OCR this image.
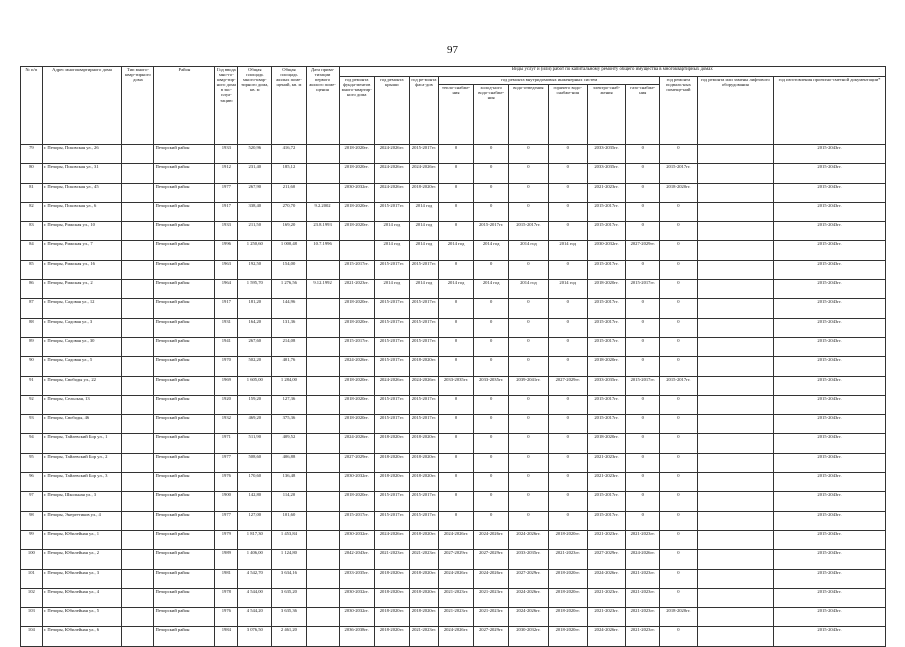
97
№ п/п	Адрес многоквартирного дома	Тип много-квар-тирного дома	Район	Год ввода мно-го-квар-тир-ного дома в экс-плуа-тацию	Общая площадь много-квар-тирного дома, кв. м	Общая площадь жилых поме-щений, кв. м	Дата прива-тизации первого жилого поме-щения	Виды услуг и (или) работ по капитальному ремонту общего имущества в многоквартирных домах											
								год ремонта фунда-ментов много-квартир-ного дома	год ремонта крыши	год ре-монта фаса-дов	год ремонта внутридомовых инженерных систем						год ремонта подваль-ных помеще-ний	год ремонта или замены лифтового оборудования	год изготовления проектно-сметной документации*
											тепло-снабже-ния	холод-ного водо-снабже-ния	водо-отведения	горячего водо-снабже-ния	электро-снаб-жения	газо-снабже-ния			
79	г. Печоры, Псковская ул., 26		Печорский район	1933	520,96	416,72		2018-2020гг.	2024-2026гг.	2015-2017гг.	0	0	0	0	2033-2035гг.	0	0		2015-2043гг.
80	г. Печоры, Псковская ул., 31		Печорский район	1912	231,40	185,12		2018-2020гг.	2024-2026гг.	2024-2026гг.	0	0	0	0	2033-2035гг.	0	2015-2017гг.		2015-2043гг.
81	г. Печоры, Псковская ул., 45		Печорский район	1977	267,90	211,60		2030-2032гг.	2024-2026гг.	2018-2020гг.	0	0	0	0	2021-2023гг.	0	2018-2020гг.		2015-2043гг.
82	г. Печоры, Псковская ул., 6		Печорский район	1917	338,40	270,70	9.2.2002	2018-2020гг.	2015-2017гг.	2014 год	0	0	0	0	2015-2017гг.	0	0		2015-2043гг.
83	г. Печоры, Рижская ул., 10		Печорский район	1933	211,50	169,20	23.8.1993	2018-2020гг.	2014 год	2014 год	0	2015-2017гг.	2015-2017гг.	0	2015-2017гг.	0	0		2015-2043гг.
84	г. Печоры, Рижская ул., 7		Печорский район	1996	1 250,60	1 000,48	10.7.1996		2014 год	2014 год	2014 год	2014 год	2014 год	2014 год	2030-2032гг.	2027-2029гг.	0		2015-2043гг.
85	г. Печоры, Рижская ул., 16		Печорский район	1963	192,50	154,00		2015-2017гг.	2015-2017гг.	2015-2017гг.	0	0	0	0	2015-2017гг.	0	0		2015-2043гг.
86	г. Печоры, Рижская ул., 2		Печорский район	1964	1 595,70	1 276,56	9.12.1992	2021-2023гг.	2014 год	2014 год	2014 год	2014 год	2014 год	2014 год	2018-2020гг.	2015-2017гг.	0		2015-2043гг.
87	г. Печоры, Садовая ул., 12		Печорский район	1917	181,20	144,96		2018-2020гг.	2015-2017гг.	2015-2017гг.	0	0	0	0	2015-2017гг.	0	0		2015-2043гг.
88	г. Печоры, Садовая ул., 3		Печорский район	1931	164,20	131,36		2018-2020гг.	2015-2017гг.	2015-2017гг.	0	0	0	0	2015-2017гг.	0	0		2015-2043гг.
89	г. Печоры, Садовая ул., 30		Печорский район	1941	267,60	214,08		2015-2017гг.	2015-2017гг.	2015-2017гг.	0	0	0	0	2015-2017гг.	0	0		2015-2043гг.
90	г. Печоры, Садовая ул., 5		Печорский район	1970	502,20	401,76		2024-2026гг.	2015-2017гг.	2018-2020гг.	0	0	0	0	2018-2020гг.	0	0		2015-2043гг.
91	г. Печоры, Свободы ул., 22		Печорский район	1969	1 605,00	1 284,00		2018-2020гг.	2024-2026гг.	2024-2026гг.	2033-2035гг.	2033-2035гг.	2039-2041гг.	2027-2029гг.	2033-2035гг.	2015-2017гг.	2015-2017гг.		2015-2043гг.
92	г. Печоры, Сельская, 13		Печорский район	1920	159,20	127,36		2018-2020гг.	2015-2017гг.	2015-2017гг.	0	0	0	0	2015-2017гг.	0	0		2015-2043гг.
93	г. Печоры, Свободы, 46		Печорский район	1932	469,20	375,36		2018-2020гг.	2015-2017гг.	2015-2017гг.	0	0	0	0	2015-2017гг.	0	0		2015-2043гг.
94	г. Печоры, Тайлевский Бор ул., 1		Печорский район	1971	511,90	409,52		2024-2026гг.	2018-2020гг.	2018-2020гг.	0	0	0	0	2018-2020гг.	0	0		2015-2043гг.
95	г. Печоры, Тайлевский Бор ул., 2		Печорский район	1977	508,60	406,88		2027-2029гг.	2018-2020гг.	2018-2020гг.	0	0	0	0	2021-2023гг.	0	0		2015-2043гг.
96	г. Печоры, Тайлевский Бор ул., 3		Печорский район	1976	170,60	136,48		2030-2032гг.	2018-2020гг.	2018-2020гг.	0	0	0	0	2021-2023гг.	0	0		2015-2043гг.
97	г. Печоры, Школьная ул., 3		Печорский район	1900	142,80	114,20		2018-2020гг.	2015-2017гг.	2015-2017гг.	0	0	0	0	2015-2017гг.	0	0		2015-2043гг.
98	г. Печоры, Энергетиков ул., 4		Печорский район	1977	127,00	101,60		2015-2017гг.	2015-2017гг.	2015-2017гг.	0	0	0	0	2015-2017гг.	0	0		2015-2043гг.
99	г. Печоры, Юбилейная ул., 1		Печорский район	1979	1 817,30	1 453,84		2030-2032гг.	2024-2026гг.	2018-2020гг.	2024-2026гг.	2024-2026гг.	2024-2026гг.	2018-2020гг.	2021-2023гг.	2021-2023гг.	0		2015-2043гг.
100	г. Печоры, Юбилейная ул., 2		Печорский район	1989	1 406,00	1 124,80		2042-2043гг.	2021-2023гг.	2021-2023гг.	2027-2029гг.	2027-2029гг.	2033-2035гг.	2021-2023гг.	2027-2029гг.	2024-2026гг.	0		2015-2043гг.
101	г. Печоры, Юбилейная ул., 3		Печорский район	1981	4 542,70	3 634,16		2033-2035гг.	2018-2020гг.	2018-2020гг.	2024-2026гг.	2024-2026гг.	2027-2029гг.	2018-2020гг.	2024-2026гг.	2021-2023гг.	0		2015-2043гг.
102	г. Печоры, Юбилейная ул., 4		Печорский район	1978	4 544,00	3 635,20		2030-2032гг.	2018-2020гг.	2018-2020гг.	2021-2023гг.	2021-2023гг.	2024-2026гг.	2018-2020гг.	2021-2023гг.	2021-2023гг.	0		2015-2043гг.
103	г. Печоры, Юбилейная ул., 5		Печорский район	1976	4 544,20	3 635,36		2030-2032гг.	2018-2020гг.	2018-2020гг.	2021-2023гг.	2021-2023гг.	2024-2026гг.	2018-2020гг.	2021-2023гг.	2021-2023гг.	2018-2020гг.		2015-2043гг.
104	г. Печоры, Юбилейная ул., 6		Печорский район	1984	3 076,50	2 461,20		2036-2038гг.	2018-2020гг.	2021-2023гг.	2024-2026гг.	2027-2029гг.	2030-2032гг.	2018-2020гг.	2024-2026гг.	2021-2023гг.	0		2015-2043гг.
